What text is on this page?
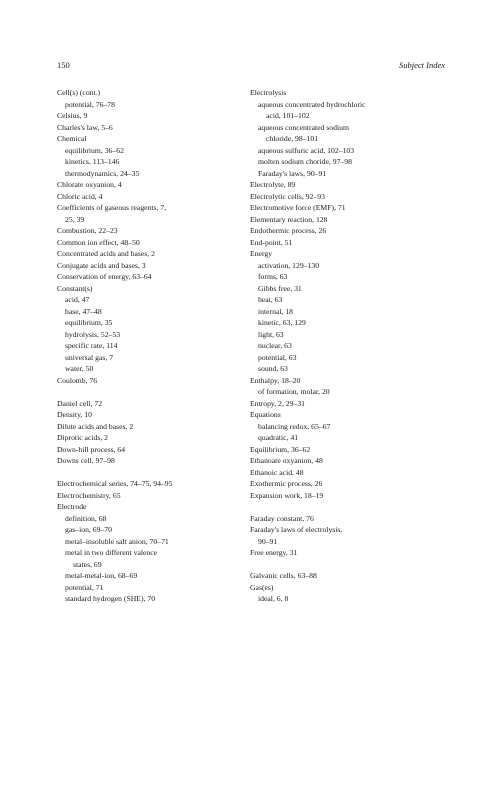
150	Subject Index
Cell(s) (cont.)
potential, 76–78
Celsius, 9
Charles's law, 5–6
Chemical
equilibrium, 36–62
kinetics, 113–146
thermodynamics, 24–35
Chlorate oxyanion, 4
Chloric acid, 4
Coefficients of gaseous reagents, 7,
25, 39
Combustion, 22–23
Common ion effect, 48–50
Concentrated acids and bases, 2
Conjugate acids and bases, 3
Conservation of energy, 63–64
Constant(s)
acid, 47
base, 47–48
equilibrium, 35
hydrolysis, 52–53
specific rate, 114
universal gas, 7
water, 50
Coulomb, 76
Daniel cell, 72
Density, 10
Dilute acids and bases, 2
Diprotic acids, 2
Down-hill process, 64
Downs cell, 97–98
Electrochemical series, 74–75, 94–95
Electrochemistry, 65
Electrode
definition, 68
gas–ion, 69–70
metal–insoluble salt anion, 70–71
metal in two different valence
states, 69
metal-metal-ion, 68–69
potential, 71
standard hydrogen (SHE), 70
Electrolysis
aqueous concentrated hydrochloric
acid, 101–102
aqueous concentrated sodium
chloride, 98–101
aqueous sulfuric acid, 102–103
molten sodium choride, 97–98
Faraday's laws, 90–91
Electrolyte, 89
Electrolytic cells, 92–93
Electromotive force (EMF), 71
Elementary reaction, 128
Endothermic process, 26
End-point, 51
Energy
activation, 129–130
forms, 63
Gibbs free, 31
heat, 63
internal, 18
kinetic, 63, 129
light, 63
nuclear, 63
potential, 63
sound, 63
Enthalpy, 18–20
of formation, molar, 20
Entropy, 2, 29–31
Equations
balancing redox, 65–67
quadratic, 41
Equilibrium, 36–62
Ethanoate oxyanion, 48
Ethanoic acid, 48
Exothermic process, 26
Expansion work, 18–19
Faraday constant, 76
Faraday's laws of electrolysis,
90–91
Free energy, 31
Galvanic cells, 63–88
Gas(es)
ideal, 6, 8
